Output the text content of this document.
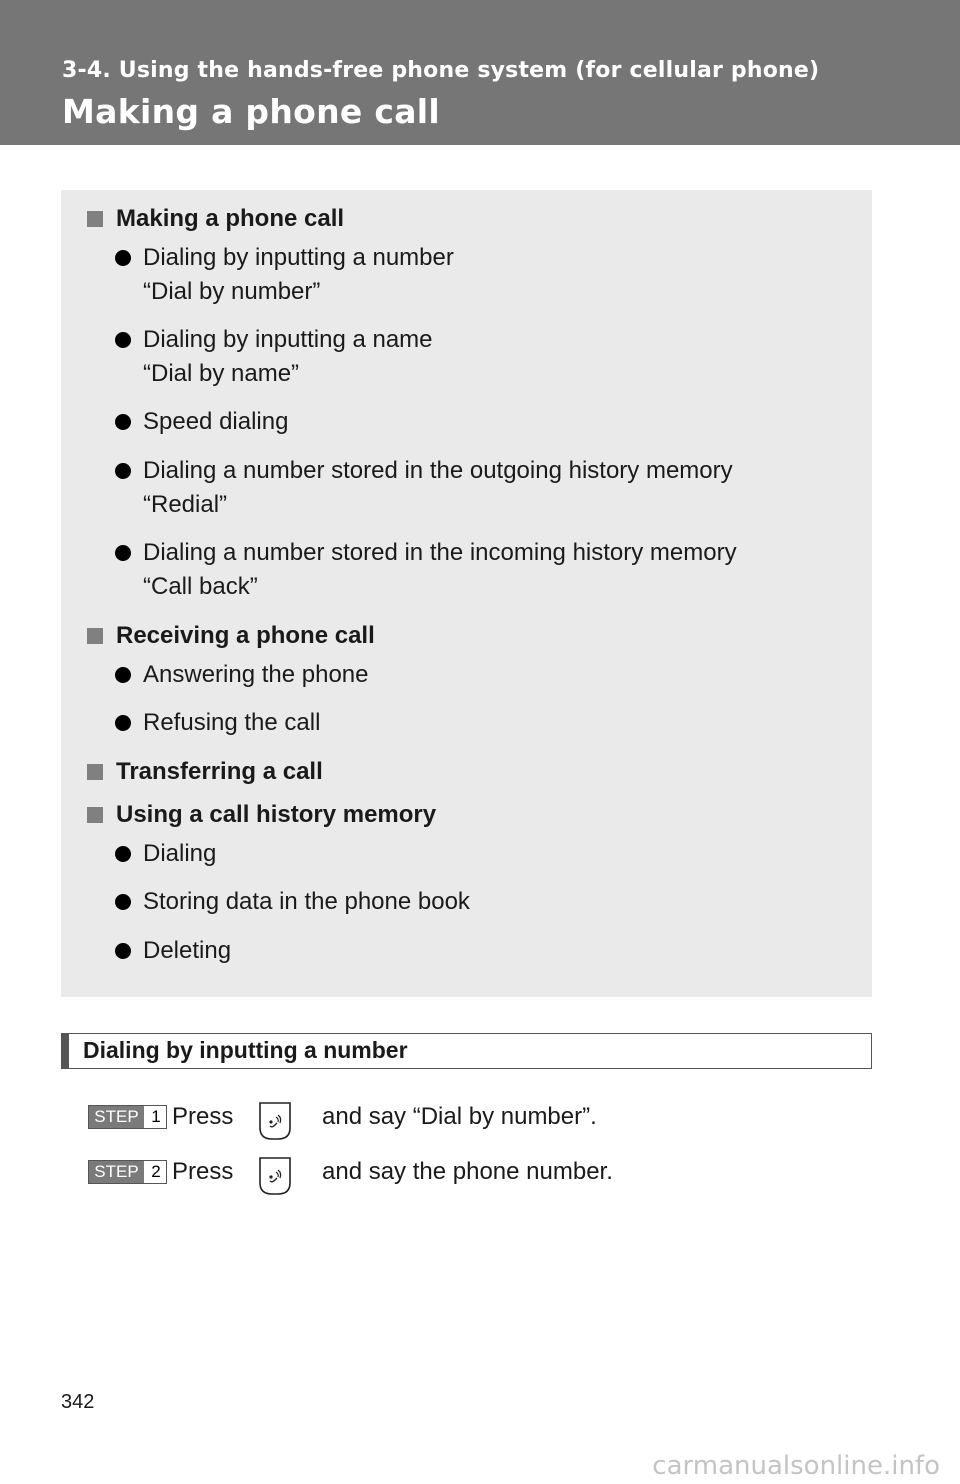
3-4. Using the hands-free phone system (for cellular phone)

Making a phone call
Making a phone call
Dialing by inputting a number
“Dial by number”
Dialing by inputting a name
“Dial by name”
Speed dialing
Dialing a number stored in the outgoing history memory
“Redial”
Dialing a number stored in the incoming history memory
“Call back”
Receiving a phone call
Answering the phone
Refusing the call
Transferring a call
Using a call history memory
Dialing
Storing data in the phone book
Deleting
Dialing by inputting a number
STEP 1 Press	and say “Dial by number”.
STEP 2 Press	and say the phone number.
342
carmanualsonline.info
